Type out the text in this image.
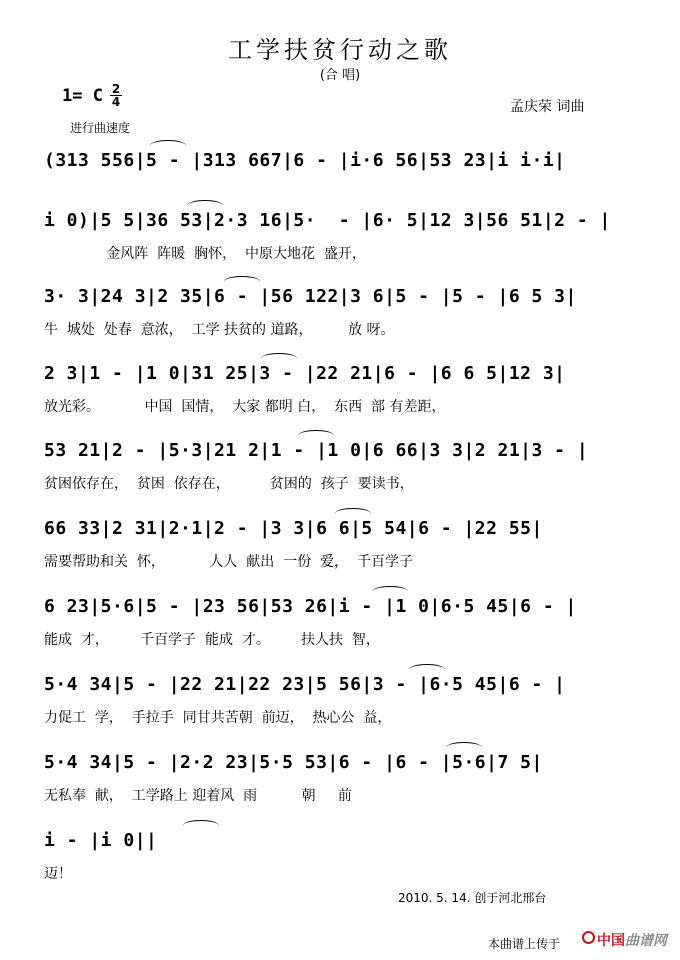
工学扶贫行动之歌
(合 唱)
1= C 2
4	孟庆荣 词曲
进行曲速度
(313 556|5 - |313 667|6 - |i·6 56|53 23|i i·i|
i 0)|5 5|36 53|2·3 16|5·  - |6· 5|12 3|56 51|2 - |
金风阵  阵暖  胸怀，  中原大地花  盛开，
3· 3|24 3|2 35|6 - |56 122|3 6|5 - |5 - |6 5 3|
牛  城处  处春  意浓，  工学 扶贫的 道路，        放 呀。
2 3|1 - |1 0|31 25|3 - |22 21|6 - |6 6 5|12 3|
放光彩。          中国  国情，  大家 都明 白，  东西  部 有差距，
53 21|2 - |5·3|21 2|1 - |1 0|6 66|3 3|2 21|3 - |
贫困依存在，  贫困  依存在，         贫困的  孩子  要读书，
66 33|2 31|2·1|2 - |3 3|6 6|5 54|6 - |22 55|
需要帮助和关  怀，          人人  献出  一份  爱，  千百学子
6 23|5·6|5 - |23 56|53 26|i - |1 0|6·5 45|6 - |
能成  才，       千百学子  能成  才。       扶人扶  智，
5·4 34|5 - |22 21|22 23|5 56|3 - |6·5 45|6 - |
力促工  学，  手拉手  同甘共苦朝  前迈，  热心公  益，
5·4 34|5 - |2·2 23|5·5 53|6 - |6 - |5·6|7 5|
无私奉  献，  工学路上 迎着风  雨          朝     前
i - |i 0||
迈！
2010. 5. 14. 创于河北邢台
本曲谱上传于	中国曲谱网
